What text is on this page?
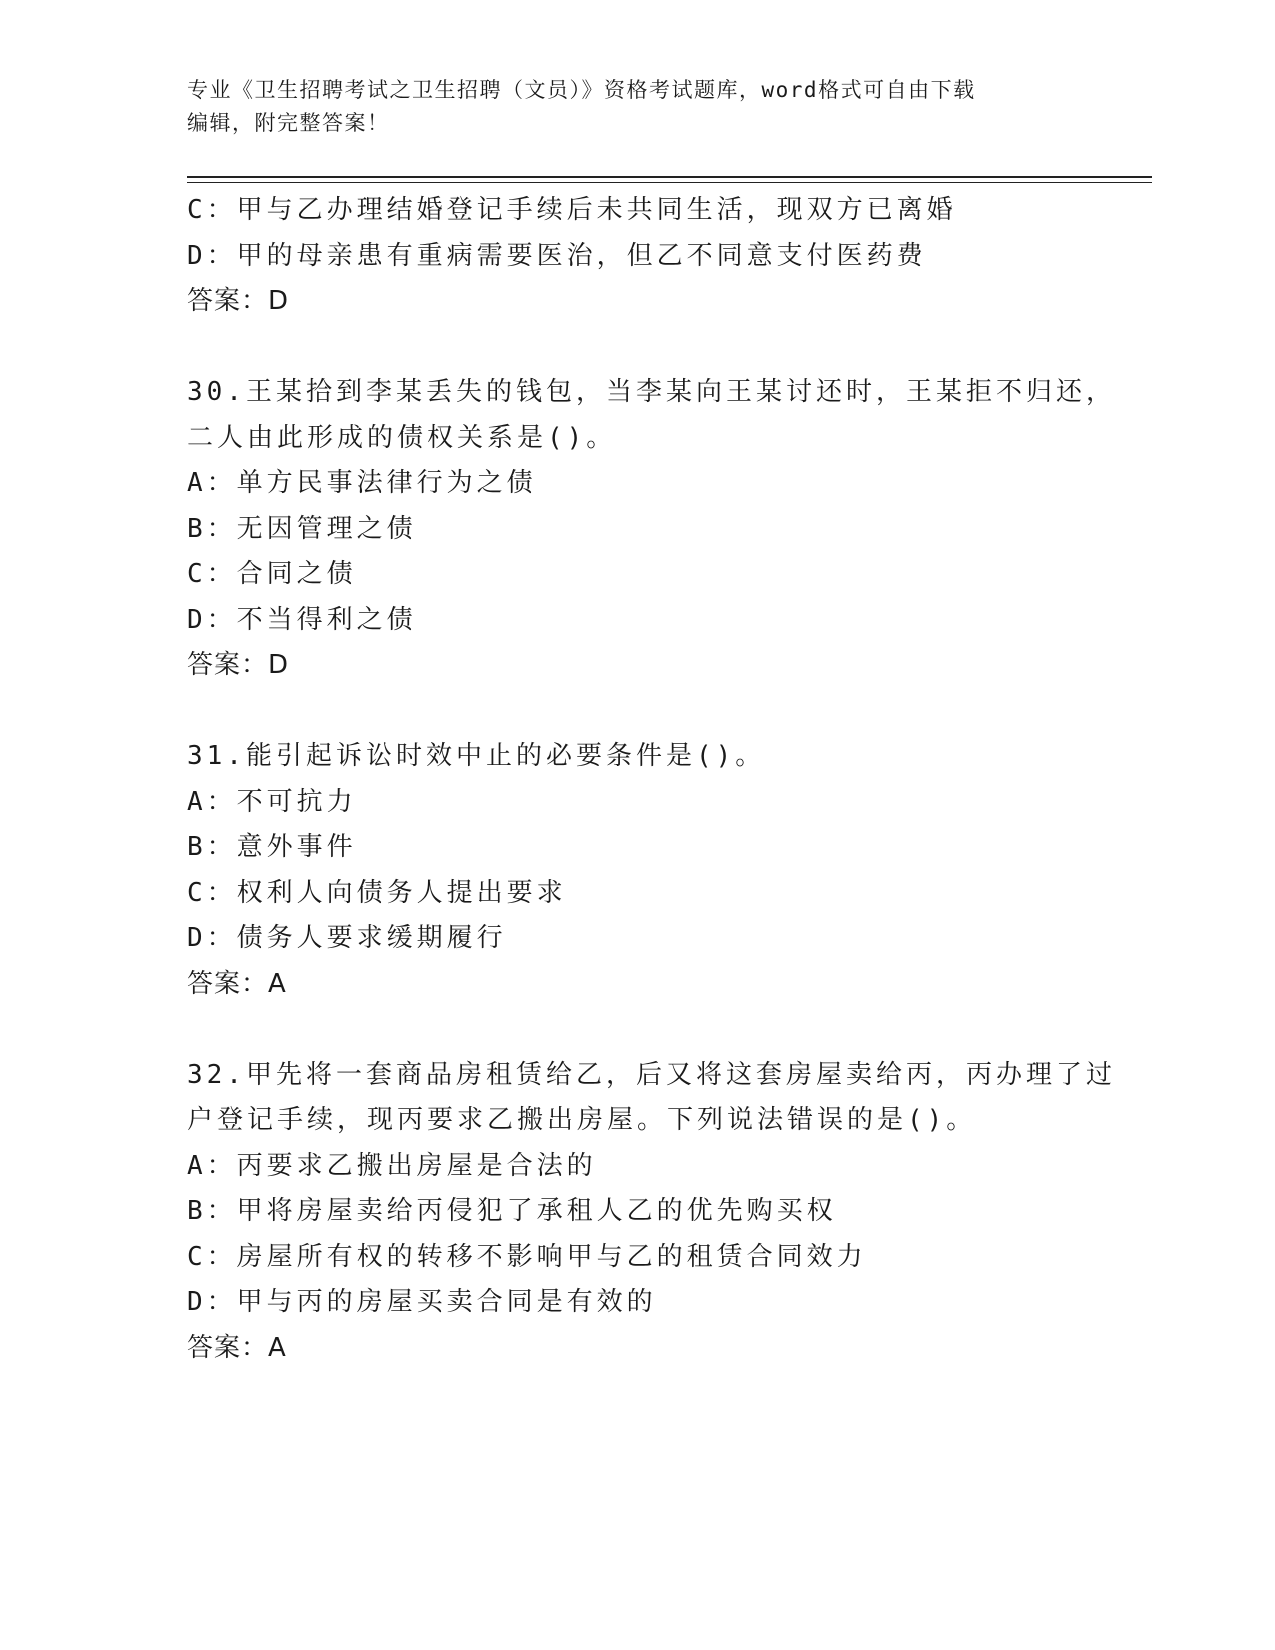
专业《卫生招聘考试之卫生招聘（文员）》资格考试题库，word格式可自由下载
编辑，附完整答案！
C：甲与乙办理结婚登记手续后未共同生活，现双方已离婚
D：甲的母亲患有重病需要医治，但乙不同意支付医药费
答案：D
30.王某拾到李某丢失的钱包，当李某向王某讨还时，王某拒不归还，
二人由此形成的债权关系是()。
A：单方民事法律行为之债
B：无因管理之债
C：合同之债
D：不当得利之债
答案：D
31.能引起诉讼时效中止的必要条件是()。
A：不可抗力
B：意外事件
C：权利人向债务人提出要求
D：债务人要求缓期履行
答案：A
32.甲先将一套商品房租赁给乙，后又将这套房屋卖给丙，丙办理了过
户登记手续，现丙要求乙搬出房屋。下列说法错误的是()。
A：丙要求乙搬出房屋是合法的
B：甲将房屋卖给丙侵犯了承租人乙的优先购买权
C：房屋所有权的转移不影响甲与乙的租赁合同效力
D：甲与丙的房屋买卖合同是有效的
答案：A
